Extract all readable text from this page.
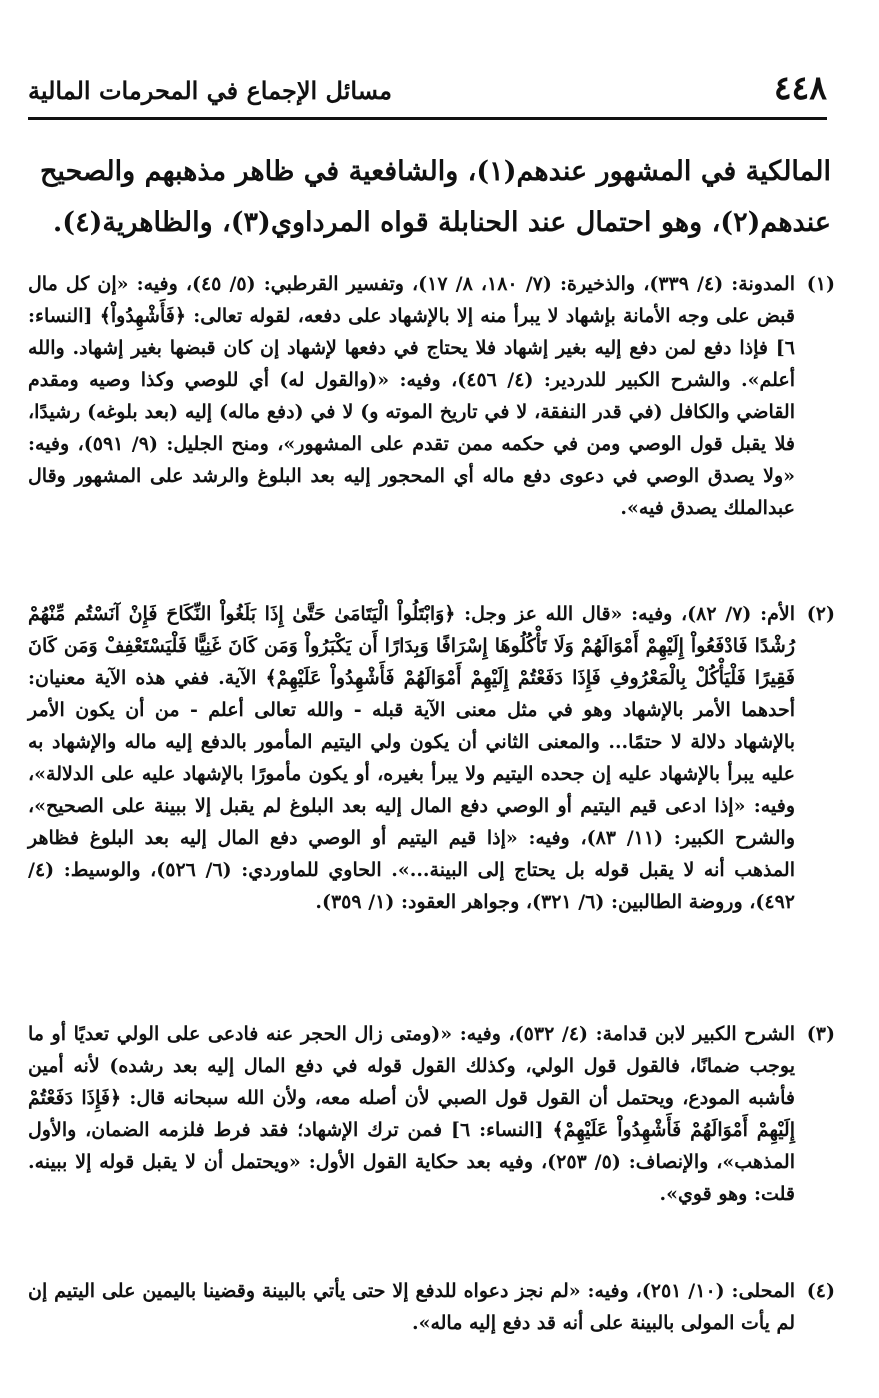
٤٤٨
مسائل الإجماع في المحرمات المالية

المالكية في المشهور عندهم(١)، والشافعية في ظاهر مذهبهم والصحيح عندهم(٢)، وهو احتمال عند الحنابلة قواه المرداوي(٣)، والظاهرية(٤).

(١)

المدونة: (٤/ ٣٣٩)، والذخيرة: (٧/ ١٨٠، ٨/ ١٧)، وتفسير القرطبي: (٥/ ٤٥)، وفيه: «إن كل مال قبض على وجه الأمانة بإشهاد لا يبرأ منه إلا بالإشهاد على دفعه، لقوله تعالى: ﴿فَأَشْهِدُواْ﴾ [النساء: ٦] فإذا دفع لمن دفع إليه بغير إشهاد فلا يحتاج في دفعها لإشهاد إن كان قبضها بغير إشهاد. والله أعلم». والشرح الكبير للدردير: (٤/ ٤٥٦)، وفيه: «(والقول له) أي للوصي وكذا وصيه ومقدم القاضي والكافل (في قدر النفقة، لا في تاريخ الموته و) لا في (دفع ماله) إليه (بعد بلوغه) رشيدًا، فلا يقبل قول الوصي ومن في حكمه ممن تقدم على المشهور»، ومنح الجليل: (٩/ ٥٩١)، وفيه: «ولا يصدق الوصي في دعوى دفع ماله أي المحجور إليه بعد البلوغ والرشد على المشهور وقال عبدالملك يصدق فيه».

(٢)

الأم: (٧/ ٨٢)، وفيه: «قال الله عز وجل: ﴿وَابْتَلُواْ الْيَتَامَىٰ حَتَّىٰ إِذَا بَلَغُواْ النِّكَاحَ فَإِنْ آنَسْتُم مِّنْهُمْ رُشْدًا فَادْفَعُواْ إِلَيْهِمْ أَمْوَالَهُمْ وَلَا تَأْكُلُوهَا إِسْرَافًا وَبِدَارًا أَن يَكْبَرُواْ وَمَن كَانَ غَنِيًّا فَلْيَسْتَعْفِفْ وَمَن كَانَ فَقِيرًا فَلْيَأْكُلْ بِالْمَعْرُوفِ فَإِذَا دَفَعْتُمْ إِلَيْهِمْ أَمْوَالَهُمْ فَأَشْهِدُواْ عَلَيْهِمْ﴾ الآية. ففي هذه الآية معنيان: أحدهما الأمر بالإشهاد وهو في مثل معنى الآية قبله - والله تعالى أعلم - من أن يكون الأمر بالإشهاد دلالة لا حتمًا... والمعنى الثاني أن يكون ولي اليتيم المأمور بالدفع إليه ماله والإشهاد به عليه يبرأ بالإشهاد عليه إن جحده اليتيم ولا يبرأ بغيره، أو يكون مأمورًا بالإشهاد عليه على الدلالة»، وفيه: «إذا ادعى قيم اليتيم أو الوصي دفع المال إليه بعد البلوغ لم يقبل إلا ببينة على الصحيح»، والشرح الكبير: (١١/ ٨٣)، وفيه: «إذا قيم اليتيم أو الوصي دفع المال إليه بعد البلوغ فظاهر المذهب أنه لا يقبل قوله بل يحتاج إلى البينة...». الحاوي للماوردي: (٦/ ٥٢٦)، والوسيط: (٤/ ٤٩٢)، وروضة الطالبين: (٦/ ٣٢١)، وجواهر العقود: (١/ ٣٥٩).

(٣)

الشرح الكبير لابن قدامة: (٤/ ٥٣٢)، وفيه: «(ومتى زال الحجر عنه فادعى على الولي تعديًا أو ما يوجب ضمانًا، فالقول قول الولي، وكذلك القول قوله في دفع المال إليه بعد رشده) لأنه أمين فأشبه المودع، ويحتمل أن القول قول الصبي لأن أصله معه، ولأن الله سبحانه قال: ﴿فَإِذَا دَفَعْتُمْ إِلَيْهِمْ أَمْوَالَهُمْ فَأَشْهِدُواْ عَلَيْهِمْ﴾ [النساء: ٦] فمن ترك الإشهاد؛ فقد فرط فلزمه الضمان، والأول المذهب»، والإنصاف: (٥/ ٢٥٣)، وفيه بعد حكاية القول الأول: «ويحتمل أن لا يقبل قوله إلا ببينه. قلت: وهو قوي».

(٤)

المحلى: (١٠/ ٢٥١)، وفيه: «لم نجز دعواه للدفع إلا حتى يأتي بالبينة وقضينا باليمين على اليتيم إن لم يأت المولى بالبينة على أنه قد دفع إليه ماله».
